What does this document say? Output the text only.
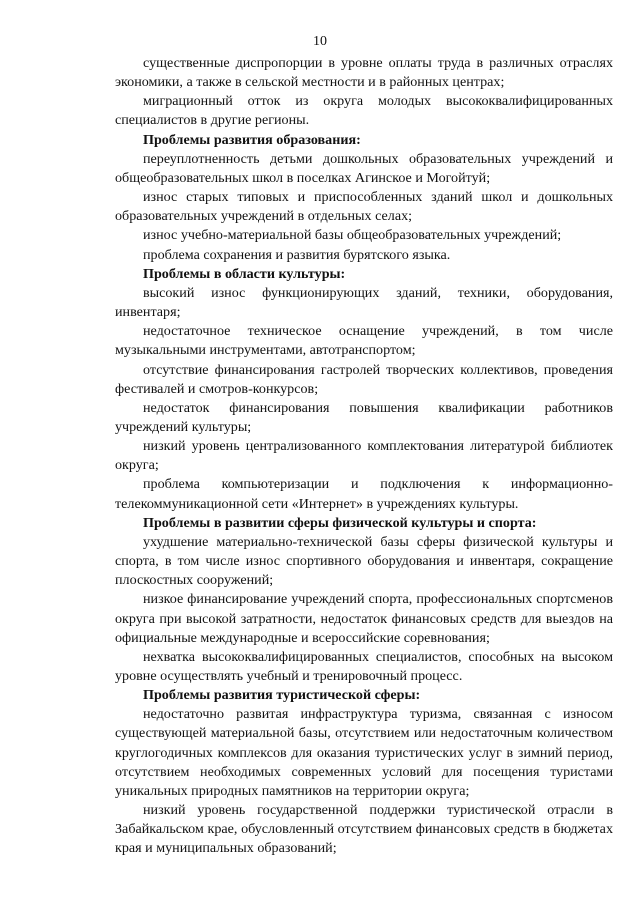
10

существенные диспропорции в уровне оплаты труда в различных отраслях экономики, а также в сельской местности и в районных центрах;

миграционный отток из округа молодых высококвалифицированных специалистов в другие регионы.

Проблемы развития образования:

переуплотненность детьми дошкольных образовательных учреждений и общеобразовательных школ в поселках Агинское и Могойтуй;

износ старых типовых и приспособленных зданий школ и дошкольных образовательных учреждений в отдельных селах;

износ учебно-материальной базы общеобразовательных учреждений;

проблема сохранения и развития бурятского языка.

Проблемы в области культуры:

высокий износ функционирующих зданий, техники, оборудования, инвентаря;

недостаточное техническое оснащение учреждений, в том числе музыкальными инструментами, автотранспортом;

отсутствие финансирования гастролей творческих коллективов, проведения фестивалей и смотров-конкурсов;

недостаток финансирования повышения квалификации работников учреждений культуры;

низкий уровень централизованного комплектования литературой библиотек округа;

проблема компьютеризации и подключения к информационно-телекоммуникационной сети «Интернет» в учреждениях культуры.

Проблемы в развитии сферы физической культуры и спорта:

ухудшение материально-технической базы сферы физической культуры и спорта, в том числе износ спортивного оборудования и инвентаря, сокращение плоскостных сооружений;

низкое финансирование учреждений спорта, профессиональных спортсменов округа при высокой затратности, недостаток финансовых средств для выездов на официальные международные и всероссийские соревнования;

нехватка высококвалифицированных специалистов, способных на высоком уровне осуществлять учебный и тренировочный процесс.

Проблемы развития туристической сферы:

недостаточно развитая инфраструктура туризма, связанная с износом существующей материальной базы, отсутствием или недостаточным количеством круглогодичных комплексов для оказания туристических услуг в зимний период, отсутствием необходимых современных условий для посещения туристами уникальных природных памятников на территории округа;

низкий уровень государственной поддержки туристической отрасли в Забайкальском крае, обусловленный отсутствием финансовых средств в бюджетах края и муниципальных образований;
